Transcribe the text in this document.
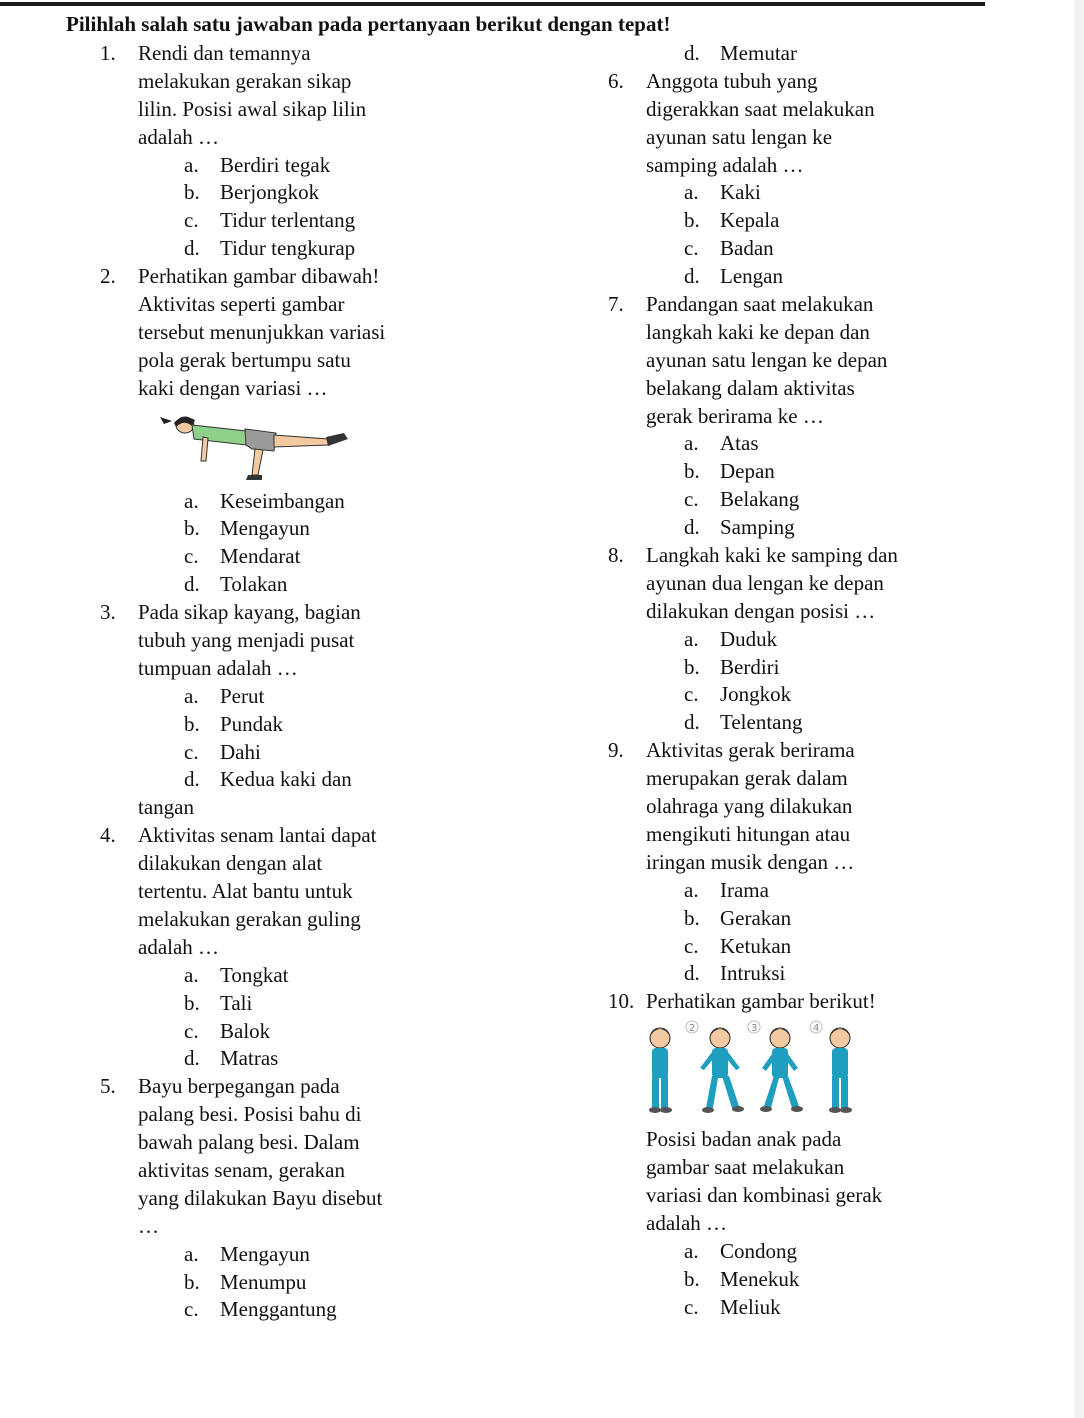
Pilihlah salah satu jawaban pada pertanyaan berikut dengan tepat!
1. Rendi dan temannya
melakukan gerakan sikap
lilin. Posisi awal sikap lilin
adalah …
a. Berdiri tegak
b. Berjongkok
c. Tidur terlentang
d. Tidur tengkurap
2. Perhatikan gambar dibawah!
Aktivitas seperti gambar
tersebut menunjukkan variasi
pola gerak bertumpu satu
kaki dengan variasi …
a. Keseimbangan
b. Mengayun
c. Mendarat
d. Tolakan
3. Pada sikap kayang, bagian
tubuh yang menjadi pusat
tumpuan adalah …
a. Perut
b. Pundak
c. Dahi
d. Kedua kaki dan
tangan
4. Aktivitas senam lantai dapat
dilakukan dengan alat
tertentu. Alat bantu untuk
melakukan gerakan guling
adalah …
a. Tongkat
b. Tali
c. Balok
d. Matras
5. Bayu berpegangan pada
palang besi. Posisi bahu di
bawah palang besi. Dalam
aktivitas senam, gerakan
yang dilakukan Bayu disebut
…
a. Mengayun
b. Menumpu
c. Menggantung
d. Memutar
6. Anggota tubuh yang
digerakkan saat melakukan
ayunan satu lengan ke
samping adalah …
a. Kaki
b. Kepala
c. Badan
d. Lengan
7. Pandangan saat melakukan
langkah kaki ke depan dan
ayunan satu lengan ke depan
belakang dalam aktivitas
gerak berirama ke …
a. Atas
b. Depan
c. Belakang
d. Samping
8. Langkah kaki ke samping dan
ayunan dua lengan ke depan
dilakukan dengan posisi …
a. Duduk
b. Berdiri
c. Jongkok
d. Telentang
9. Aktivitas gerak berirama
merupakan gerak dalam
olahraga yang dilakukan
mengikuti hitungan atau
iringan musik dengan …
a. Irama
b. Gerakan
c. Ketukan
d. Intruksi
10. Perhatikan gambar berikut!
2	3	4
Posisi badan anak pada
gambar saat melakukan
variasi dan kombinasi gerak
adalah …
a. Condong
b. Menekuk
c. Meliuk
